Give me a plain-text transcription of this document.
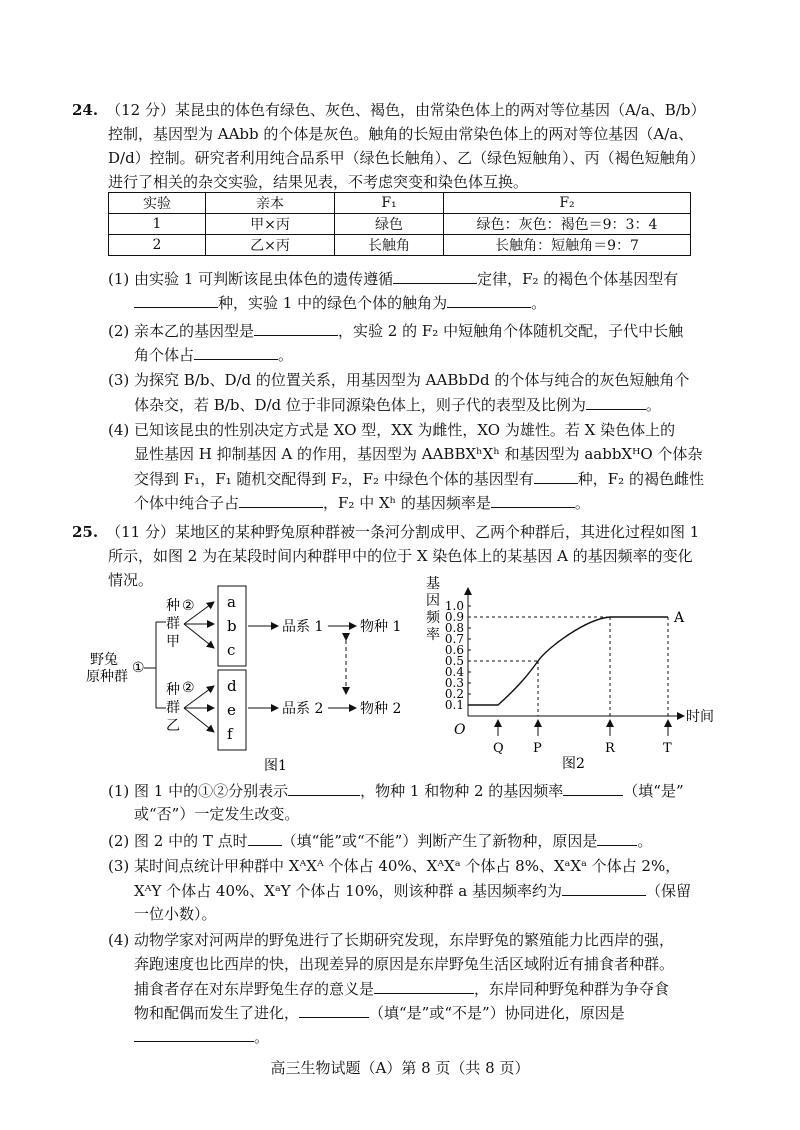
24. （12 分）某昆虫的体色有绿色、灰色、褐色，由常染色体上的两对等位基因（A/a、B/b）
控制，基因型为 AAbb 的个体是灰色。触角的长短由常染色体上的两对等位基因（A/a、
D/d）控制。研究者利用纯合品系甲（绿色长触角）、乙（绿色短触角）、丙（褐色短触角）
进行了相关的杂交实验，结果见表，不考虑突变和染色体互换。
实验	亲本	F₁	F₂
1	甲×丙	绿色	绿色：灰色：褐色＝9：3：4
2	乙×丙	长触角	长触角：短触角＝9：7
(1) 由实验 1 可判断该昆虫体色的遗传遵循	定律，F₂ 的褐色个体基因型有
种，实验 1 中的绿色个体的触角为	。
(2) 亲本乙的基因型是	，实验 2 的 F₂ 中短触角个体随机交配，子代中长触
角个体占	。
(3) 为探究 B/b、D/d 的位置关系，用基因型为 AABbDd 的个体与纯合的灰色短触角个
体杂交，若 B/b、D/d 位于非同源染色体上，则子代的表型及比例为	。
(4) 已知该昆虫的性别决定方式是 XO 型，XX 为雌性，XO 为雄性。若 X 染色体上的
显性基因 H 抑制基因 A 的作用，基因型为 AABBXʰXʰ 和基因型为 aabbXᴴO 个体杂
交得到 F₁，F₁ 随机交配得到 F₂，F₂ 中绿色个体的基因型有	种，F₂ 的褐色雌性
个体中纯合子占	，F₂ 中 Xʰ 的基因频率是	。
25. （11 分）某地区的某种野兔原种群被一条河分割成甲、乙两个种群后，其进化过程如图 1
所示，如图 2 为在某段时间内种群甲中的位于 X 染色体上的某基因 A 的基因频率的变化
情况。
野兔
原种群
①
种
群
甲
种
群
乙
②
②
a
b
c
d
e
f
品系 1	物种 1
品系 2	物种 2
图1
基
因
频
率
0.1
0.2
0.3
0.4
0.5
0.6
0.7
0.8
0.9
1.0
时间
O
A
Q P	R	T
图2
(1) 图 1 中的①②分别表示	，物种 1 和物种 2 的基因频率	（填“是”
或“否”）一定发生改变。
(2) 图 2 中的 T 点时 （填“能”或“不能”）判断产生了新物种，原因是	。
(3) 某时间点统计甲种群中 XᴬXᴬ 个体占 40%、XᴬXᵃ 个体占 8%、XᵃXᵃ 个体占 2%，
XᴬY 个体占 40%、XᵃY 个体占 10%，则该种群 a 基因频率约为	（保留
一位小数）。
(4) 动物学家对河两岸的野兔进行了长期研究发现，东岸野兔的繁殖能力比西岸的强，
奔跑速度也比西岸的快，出现差异的原因是东岸野兔生活区域附近有捕食者种群。
捕食者存在对东岸野兔生存的意义是	，东岸同种野兔种群为争夺食
物和配偶而发生了进化，	（填“是”或“不是”）协同进化，原因是
。
高三生物试题（A）第 8 页（共 8 页）
